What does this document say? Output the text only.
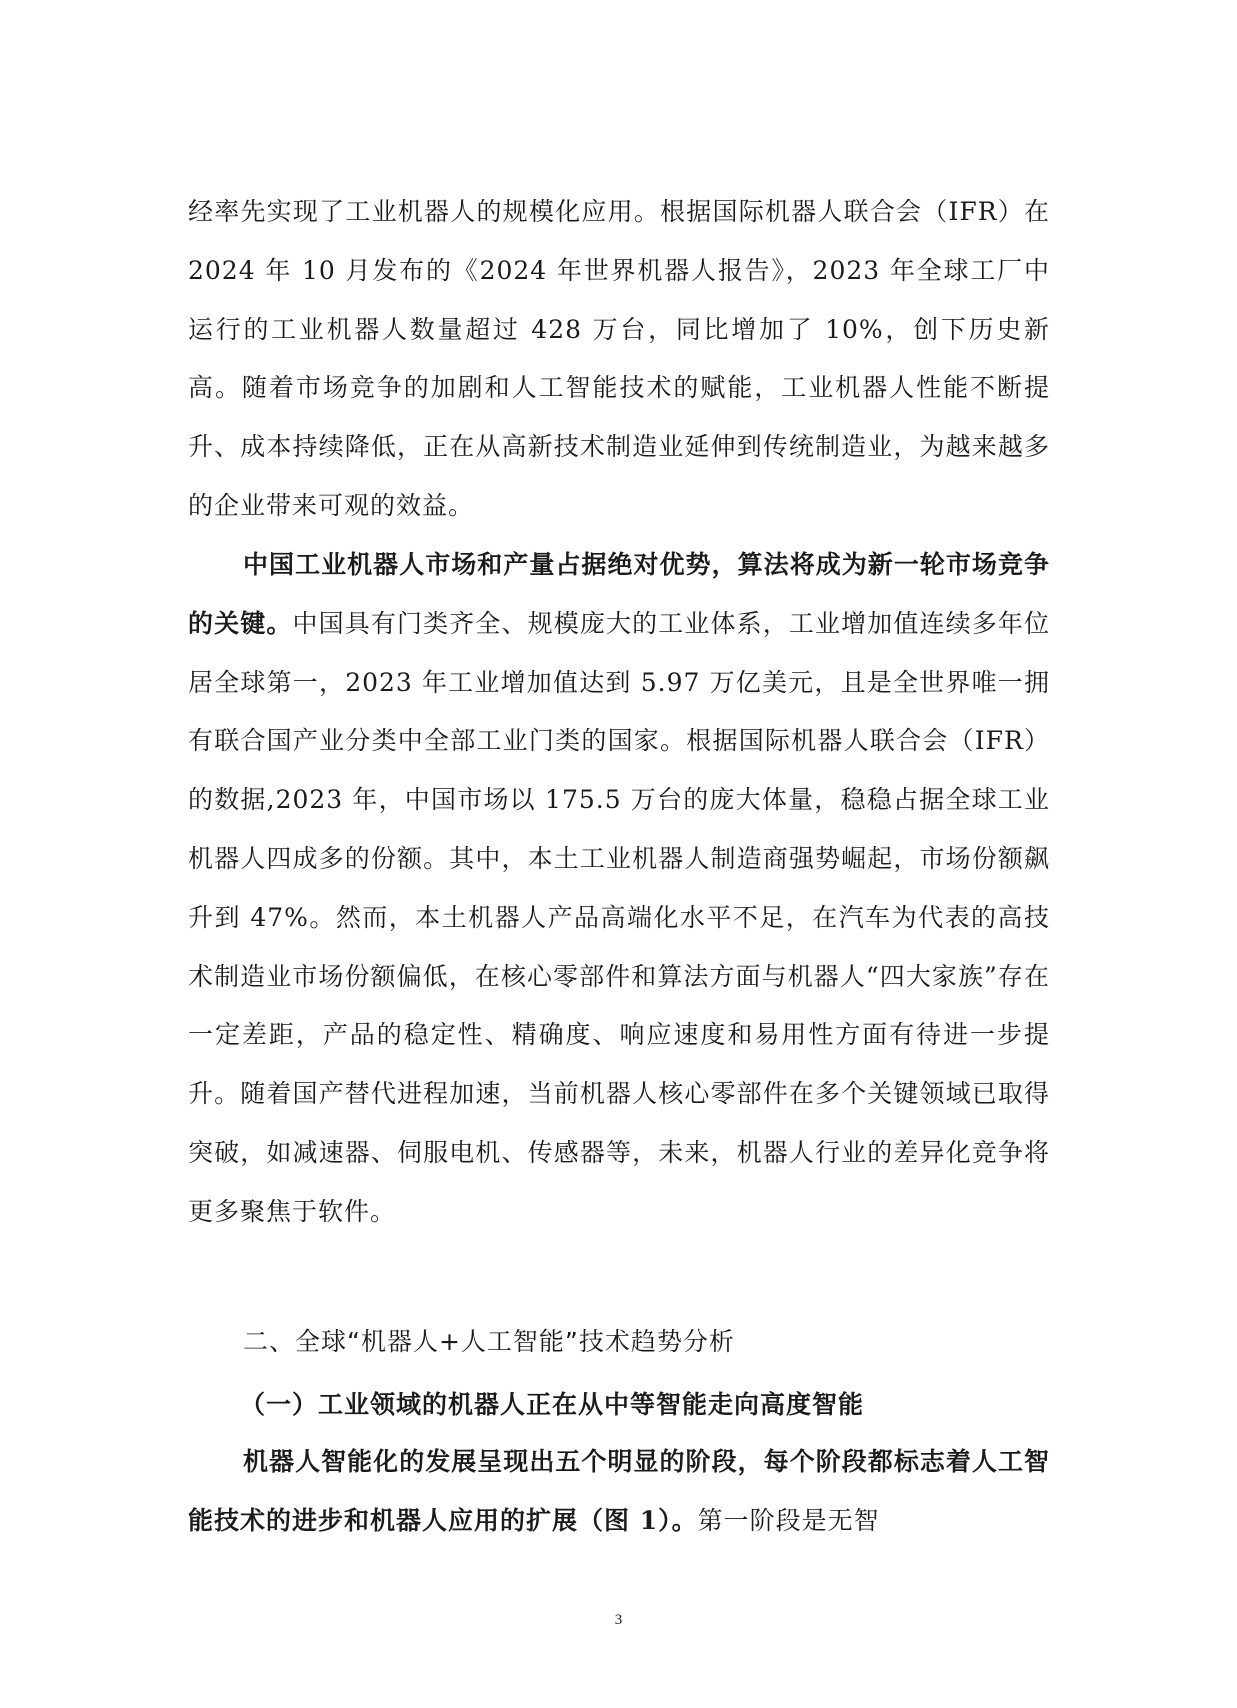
经率先实现了工业机器人的规模化应用。根据国际机器人联合会（IFR）在 2024 年 10 月发布的《2024 年世界机器人报告》，2023 年全球工厂中运行的工业机器人数量超过 428 万台，同比增加了 10%，创下历史新高。随着市场竞争的加剧和人工智能技术的赋能，工业机器人性能不断提升、成本持续降低，正在从高新技术制造业延伸到传统制造业，为越来越多的企业带来可观的效益。

中国工业机器人市场和产量占据绝对优势，算法将成为新一轮市场竞争的关键。中国具有门类齐全、规模庞大的工业体系，工业增加值连续多年位居全球第一，2023 年工业增加值达到 5.97 万亿美元，且是全世界唯一拥有联合国产业分类中全部工业门类的国家。根据国际机器人联合会（IFR）的数据,2023 年，中国市场以 175.5 万台的庞大体量，稳稳占据全球工业机器人四成多的份额。其中，本土工业机器人制造商强势崛起，市场份额飙升到 47%。然而，本土机器人产品高端化水平不足，在汽车为代表的高技术制造业市场份额偏低，在核心零部件和算法方面与机器人“四大家族”存在一定差距，产品的稳定性、精确度、响应速度和易用性方面有待进一步提升。随着国产替代进程加速，当前机器人核心零部件在多个关键领域已取得突破，如减速器、伺服电机、传感器等，未来，机器人行业的差异化竞争将更多聚焦于软件。

二、全球“机器人+人工智能”技术趋势分析
（一）工业领域的机器人正在从中等智能走向高度智能

机器人智能化的发展呈现出五个明显的阶段，每个阶段都标志着人工智能技术的进步和机器人应用的扩展（图 1）。第一阶段是无智

3
